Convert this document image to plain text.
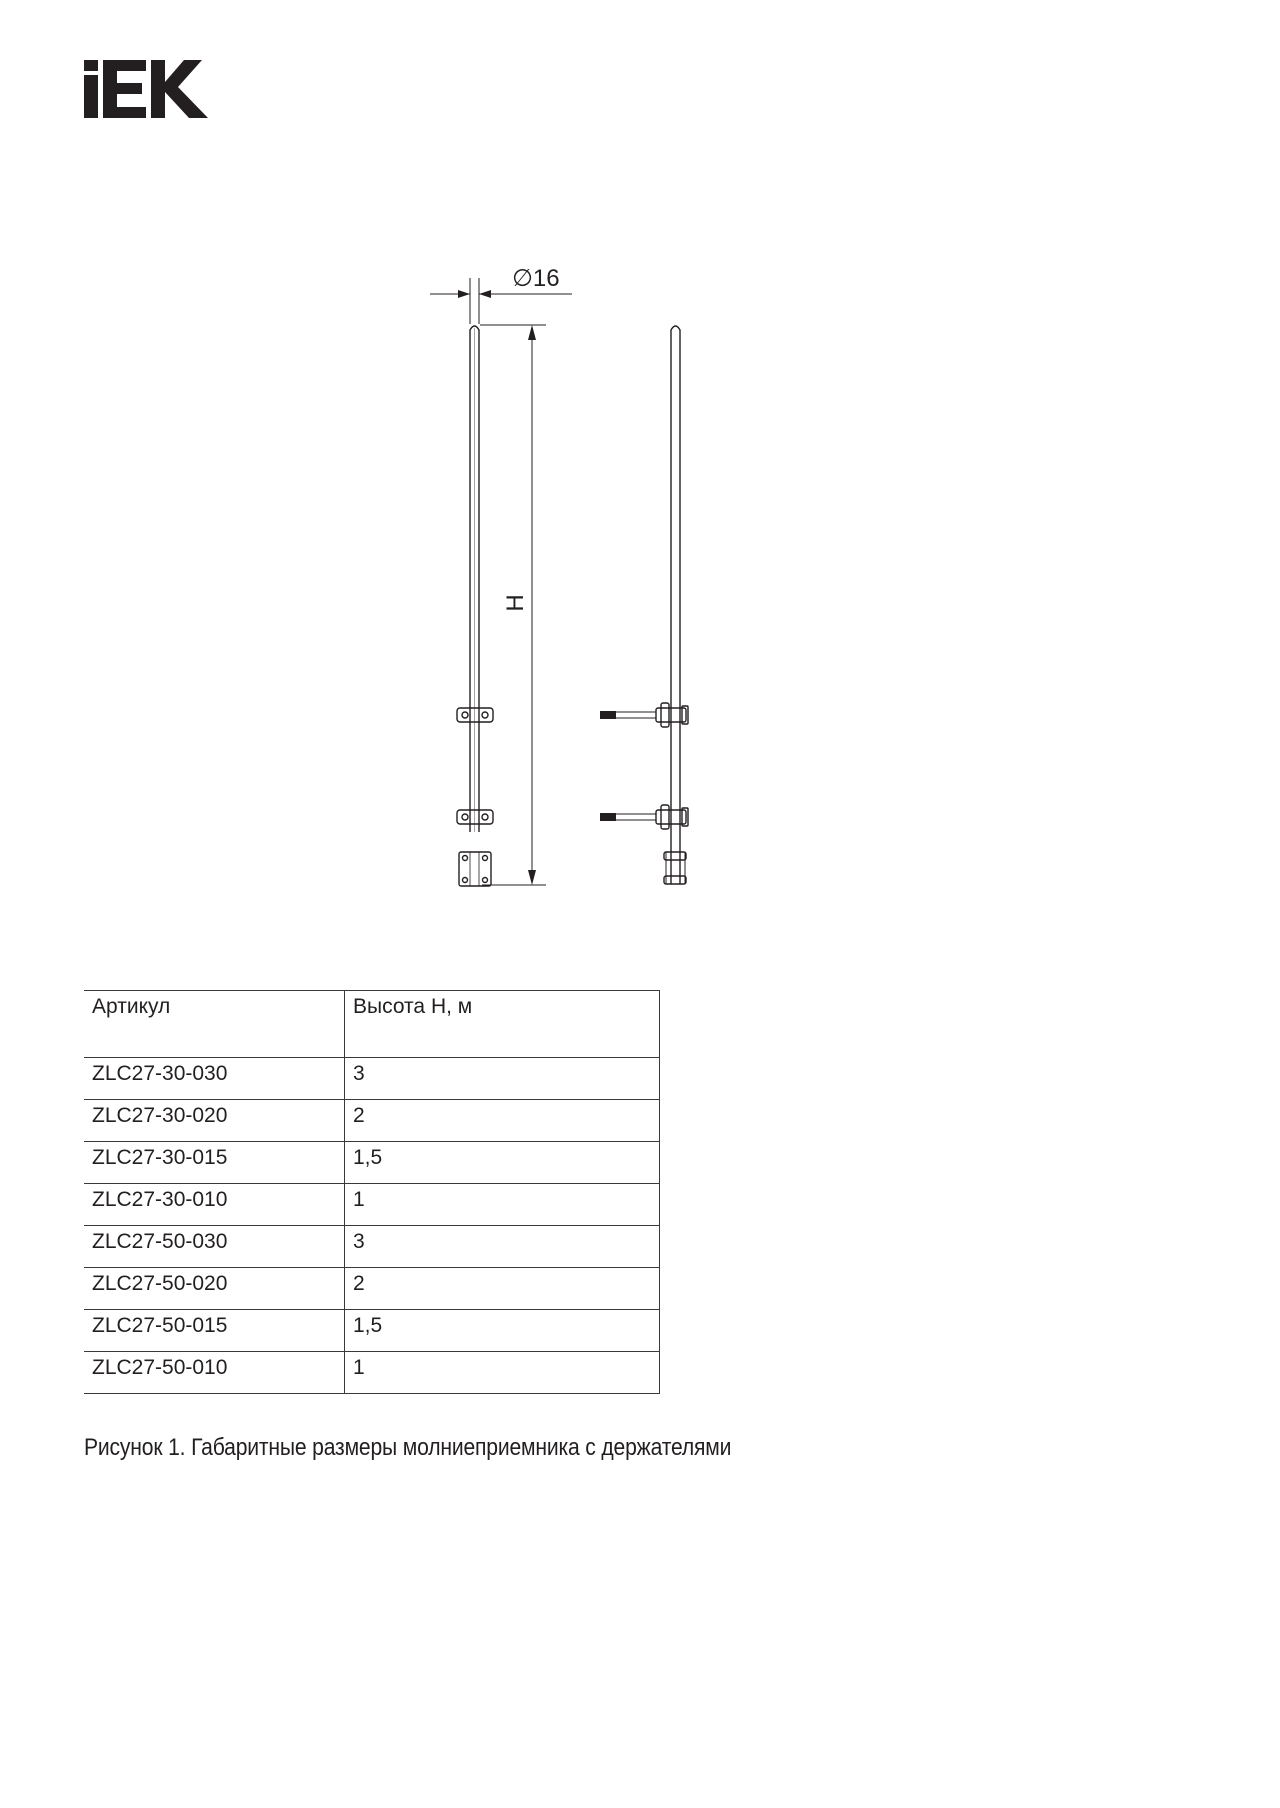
∅16
H
Артикул	Высота Н, м
ZLC27-30-030	3
ZLC27-30-020	2
ZLC27-30-015	1,5
ZLC27-30-010	1
ZLC27-50-030	3
ZLC27-50-020	2
ZLC27-50-015	1,5
ZLC27-50-010	1
Рисунок 1. Габаритные размеры молниеприемника с держателями
